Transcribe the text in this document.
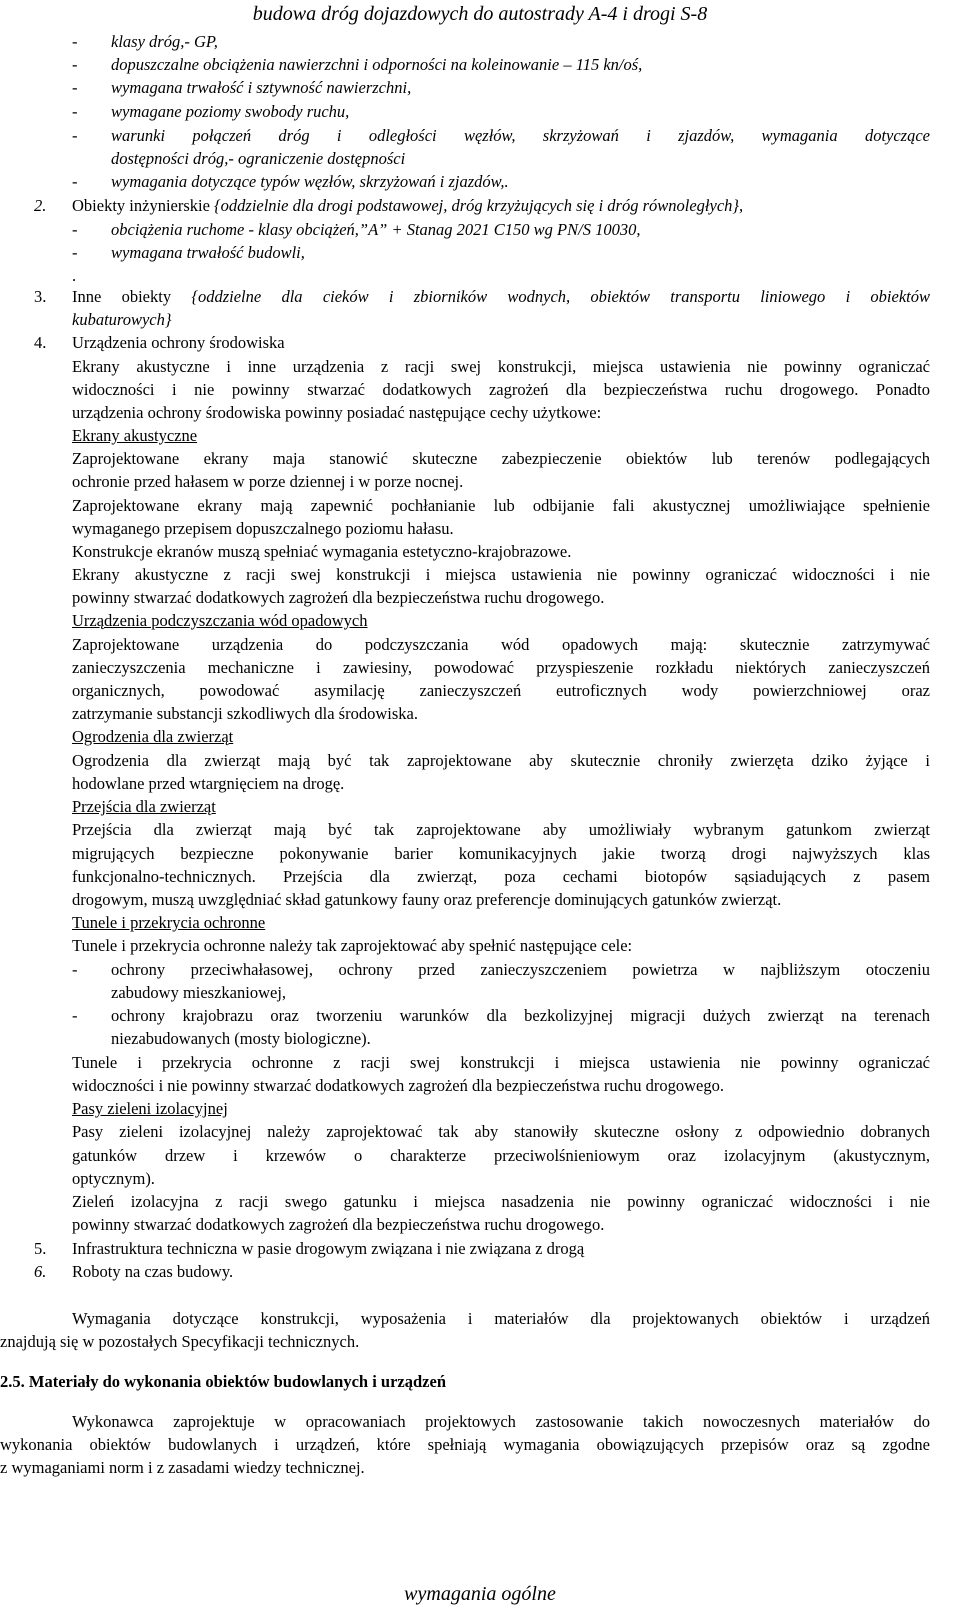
budowa dróg dojazdowych do autostrady A-4 i drogi S-8
- klasy dróg,- GP,
- dopuszczalne obciążenia nawierzchni i odporności na koleinowanie – 115 kn/oś,
- wymagana trwałość i sztywność nawierzchni,
- wymagane poziomy swobody ruchu,
- warunki połączeń dróg i odległości węzłów, skrzyżowań i zjazdów, wymagania dotyczące
dostępności dróg,- ograniczenie dostępności
- wymagania dotyczące typów węzłów, skrzyżowań i zjazdów,.
2. Obiekty inżynierskie {oddzielnie dla drogi podstawowej, dróg krzyżujących się i dróg równoległych},
- obciążenia ruchome - klasy obciążeń,”A” + Stanag 2021 C150 wg PN/S 10030,
- wymagana trwałość budowli,
.
3. Inne obiekty {oddzielne dla cieków i zbiorników wodnych, obiektów transportu liniowego i obiektów
kubaturowych}
4. Urządzenia ochrony środowiska
Ekrany akustyczne i inne urządzenia z racji swej konstrukcji, miejsca ustawienia nie powinny ograniczać
widoczności i nie powinny stwarzać dodatkowych zagrożeń dla bezpieczeństwa ruchu drogowego. Ponadto
urządzenia ochrony środowiska powinny posiadać następujące cechy użytkowe:
Ekrany akustyczne
Zaprojektowane ekrany maja stanowić skuteczne zabezpieczenie obiektów lub terenów podlegających
ochronie przed hałasem w porze dziennej i w porze nocnej.
Zaprojektowane ekrany mają zapewnić pochłanianie lub odbijanie fali akustycznej umożliwiające spełnienie
wymaganego przepisem dopuszczalnego poziomu hałasu.
Konstrukcje ekranów muszą spełniać wymagania estetyczno-krajobrazowe.
Ekrany akustyczne z racji swej konstrukcji i miejsca ustawienia nie powinny ograniczać widoczności i nie
powinny stwarzać dodatkowych zagrożeń dla bezpieczeństwa ruchu drogowego.
Urządzenia podczyszczania wód opadowych
Zaprojektowane urządzenia do podczyszczania wód opadowych mają: skutecznie zatrzymywać
zanieczyszczenia mechaniczne i zawiesiny, powodować przyspieszenie rozkładu niektórych zanieczyszczeń
organicznych, powodować asymilację zanieczyszczeń eutroficznych wody powierzchniowej oraz
zatrzymanie substancji szkodliwych dla środowiska.
Ogrodzenia dla zwierząt
Ogrodzenia dla zwierząt mają być tak zaprojektowane aby skutecznie chroniły zwierzęta dziko żyjące i
hodowlane przed wtargnięciem na drogę.
Przejścia dla zwierząt
Przejścia dla zwierząt mają być tak zaprojektowane aby umożliwiały wybranym gatunkom zwierząt
migrujących bezpieczne pokonywanie barier komunikacyjnych jakie tworzą drogi najwyższych klas
funkcjonalno-technicznych. Przejścia dla zwierząt, poza cechami biotopów sąsiadujących z pasem
drogowym, muszą uwzględniać skład gatunkowy fauny oraz preferencje dominujących gatunków zwierząt.
Tunele i przekrycia ochronne
Tunele i przekrycia ochronne należy tak zaprojektować aby spełnić następujące cele:
- ochrony przeciwhałasowej, ochrony przed zanieczyszczeniem powietrza w najbliższym otoczeniu
zabudowy mieszkaniowej,
- ochrony krajobrazu oraz tworzeniu warunków dla bezkolizyjnej migracji dużych zwierząt na terenach
niezabudowanych (mosty biologiczne).
Tunele i przekrycia ochronne z racji swej konstrukcji i miejsca ustawienia nie powinny ograniczać
widoczności i nie powinny stwarzać dodatkowych zagrożeń dla bezpieczeństwa ruchu drogowego.
Pasy zieleni izolacyjnej
Pasy zieleni izolacyjnej należy zaprojektować tak aby stanowiły skuteczne osłony z odpowiednio dobranych
gatunków drzew i krzewów o charakterze przeciwolśnieniowym oraz izolacyjnym (akustycznym,
optycznym).
Zieleń izolacyjna z racji swego gatunku i miejsca nasadzenia nie powinny ograniczać widoczności i nie
powinny stwarzać dodatkowych zagrożeń dla bezpieczeństwa ruchu drogowego.
5. Infrastruktura techniczna w pasie drogowym związana i nie związana z drogą
6. Roboty na czas budowy.
Wymagania dotyczące konstrukcji, wyposażenia i materiałów dla projektowanych obiektów i urządzeń
znajdują się w pozostałych Specyfikacji technicznych.
2.5. Materiały do wykonania obiektów budowlanych i urządzeń
Wykonawca zaprojektuje w opracowaniach projektowych zastosowanie takich nowoczesnych materiałów do
wykonania obiektów budowlanych i urządzeń, które spełniają wymagania obowiązujących przepisów oraz są zgodne
z wymaganiami norm i z zasadami wiedzy technicznej.
wymagania ogólne
